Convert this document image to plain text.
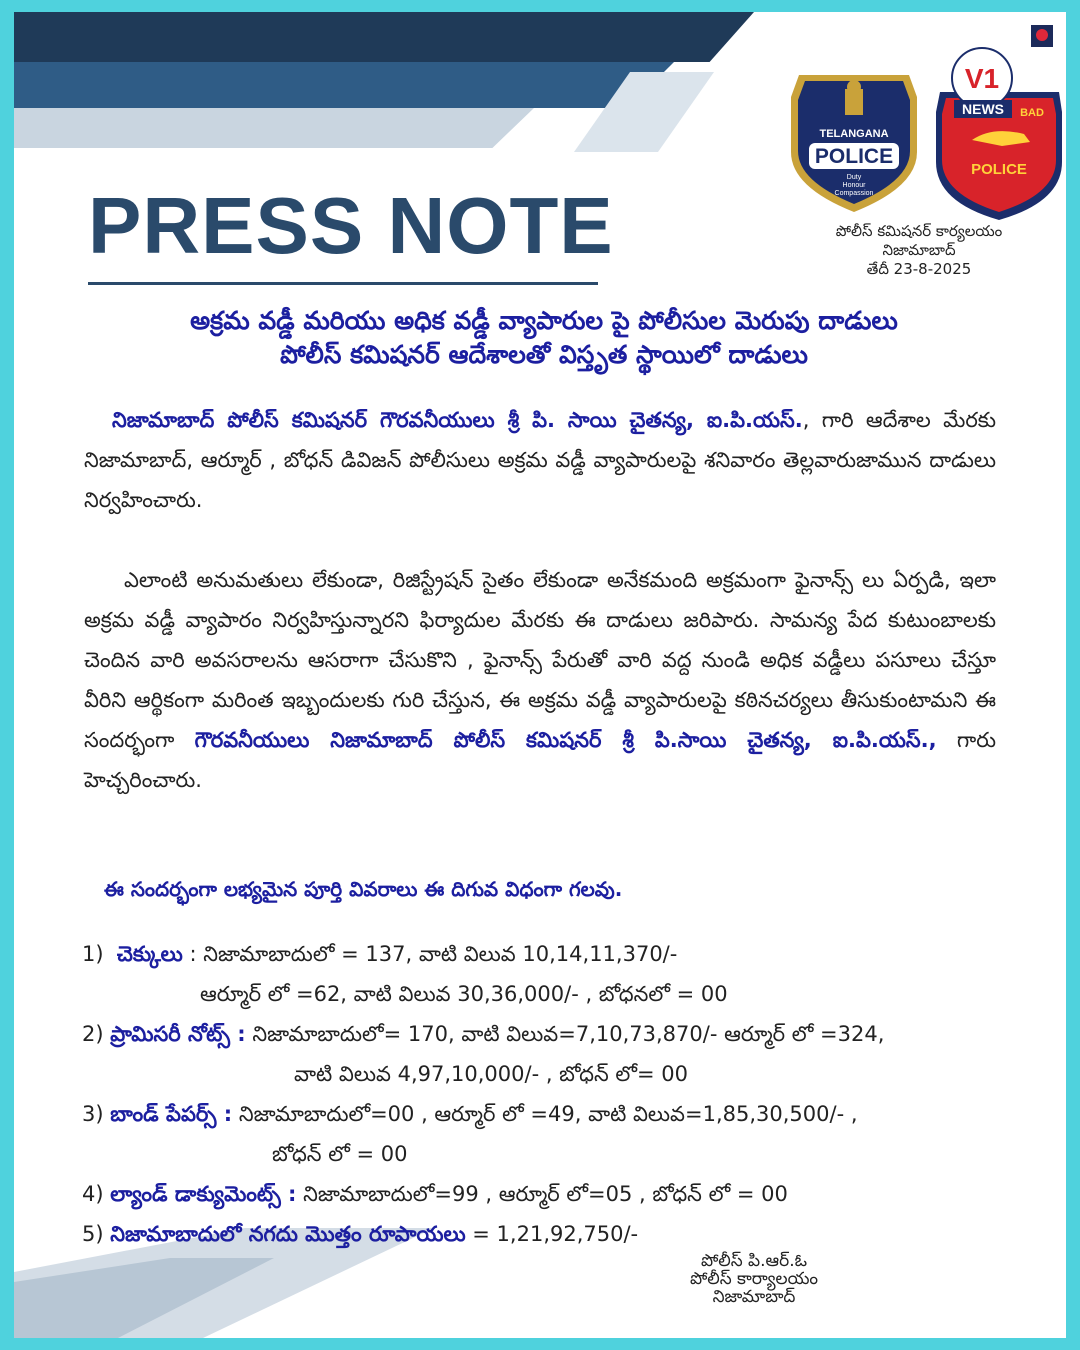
PRESS NOTE
TELANGANA
POLICE
Duty
Honour
Compassion
BAD
POLICE
V1
NEWS
పోలీస్ కమిషనర్ కార్యలయం
నిజామాబాద్
తేదీ 23-8-2025
అక్రమ వడ్డీ మరియు అధిక వడ్డీ వ్యాపారుల పై పోలీసుల మెరుపు దాడులు
పోలీస్ కమిషనర్ ఆదేశాలతో విస్తృత స్థాయిలో దాడులు
నిజామాబాద్ పోలీస్ కమిషనర్ గౌరవనీయులు శ్రీ పి. సాయి చైతన్య, ఐ.పి.యస్., గారి ఆదేశాల మేరకు నిజామాబాద్, ఆర్మూర్ , బోధన్ డివిజన్ పోలీసులు అక్రమ వడ్డీ వ్యాపారులపై శనివారం తెల్లవారుజామున దాడులు నిర్వహించారు.
ఎలాంటి అనుమతులు లేకుండా, రిజిస్ట్రేషన్ సైతం లేకుండా అనేకమంది అక్రమంగా ఫైనాన్స్ లు ఏర్పడి, ఇలా అక్రమ వడ్డీ వ్యాపారం నిర్వహిస్తున్నారని ఫిర్యాదుల మేరకు ఈ దాడులు జరిపారు. సామన్య పేద కుటుంబాలకు చెందిన వారి అవసరాలను ఆసరాగా చేసుకొని , ఫైనాన్స్ పేరుతో వారి వద్ద నుండి అధిక వడ్డీలు పసూలు చేస్తూ వీరిని ఆర్థికంగా మరింత ఇబ్బందులకు గురి చేస్తున, ఈ అక్రమ వడ్డీ వ్యాపారులపై కఠినచర్యలు తీసుకుంటామని ఈ సందర్భంగా గౌరవనీయులు నిజామాబాద్ పోలీస్ కమిషనర్ శ్రీ పి.సాయి చైతన్య, ఐ.పి.యస్., గారు హెచ్చరించారు.
ఈ సందర్భంగా లభ్యమైన పూర్తి వివరాలు ఈ దిగువ విధంగా గలవు.
1) చెక్కులు : నిజామాబాదులో = 137, వాటి విలువ 10,14,11,370/-
ఆర్మూర్ లో =62, వాటి విలువ 30,36,000/- , బోధనలో = 00
2) ప్రామిసరీ నోట్స్ : నిజామాబాదులో= 170, వాటి విలువ=7,10,73,870/- ఆర్మూర్ లో =324,
వాటి విలువ 4,97,10,000/- , బోధన్ లో= 00
3) బాండ్ పేపర్స్ : నిజామాబాదులో=00 , ఆర్మూర్ లో =49, వాటి విలువ=1,85,30,500/- ,
బోధన్ లో = 00
4) ల్యాండ్ డాక్యుమెంట్స్ : నిజామాబాదులో=99 , ఆర్మూర్ లో=05 , బోధన్ లో = 00
5) నిజామాబాదులో నగదు మొత్తం రూపాయలు = 1,21,92,750/-
పోలీస్ పి.ఆర్.ఓ
పోలీస్ కార్యాలయం
నిజామాబాద్
